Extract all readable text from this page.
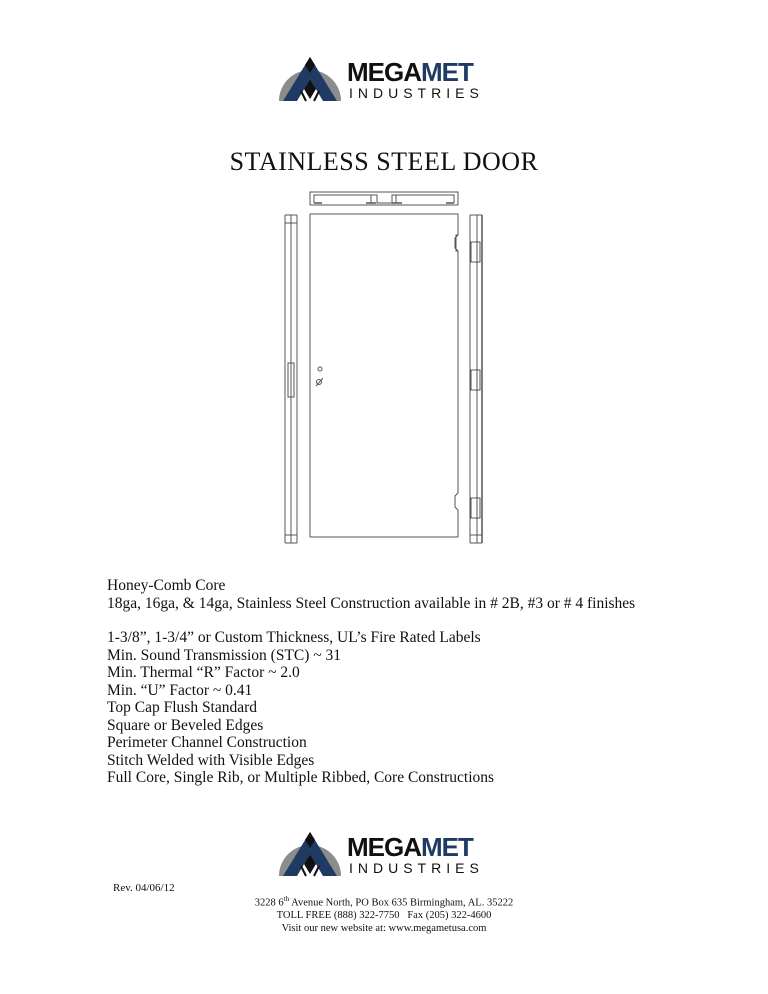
MEGAMET
INDUSTRIES
STAINLESS STEEL DOOR
Honey-Comb Core
18ga, 16ga, & 14ga, Stainless Steel Construction available in # 2B, #3 or # 4 finishes
1-3/8”, 1-3/4” or Custom Thickness, UL’s Fire Rated Labels
Min. Sound Transmission (STC) ~ 31
Min. Thermal “R” Factor ~ 2.0
Min. “U” Factor ~ 0.41
Top Cap Flush Standard
Square or Beveled Edges
Perimeter Channel Construction
Stitch Welded with Visible Edges
Full Core, Single Rib, or Multiple Ribbed, Core Constructions
MEGAMET
INDUSTRIES
Rev. 04/06/12
3228 6th Avenue North, PO Box 635 Birmingham, AL. 35222
TOLL FREE (888) 322-7750   Fax (205) 322-4600
Visit our new website at: www.megametusa.com
